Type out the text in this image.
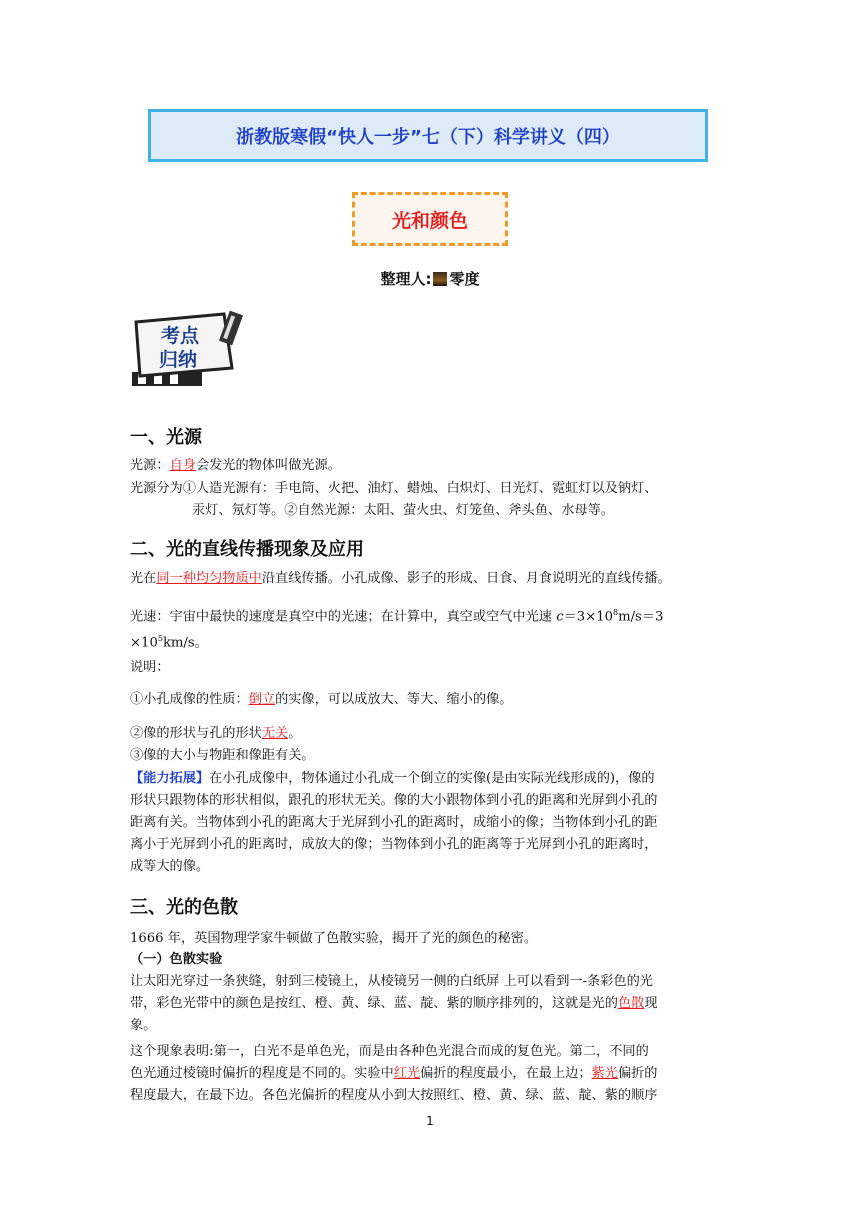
浙教版寒假“快人一步”七（下）科学讲义（四）
光和颜色
整理人: 零度
考点
归纳
一、光源

光源：自身会发光的物体叫做光源。

光源分为①人造光源有：手电筒、火把、油灯、蜡烛、白炽灯、日光灯、霓虹灯以及钠灯、

汞灯、氖灯等。②自然光源：太阳、萤火虫、灯笼鱼、斧头鱼、水母等。

二、光的直线传播现象及应用

光在同一种均匀物质中沿直线传播。小孔成像、影子的形成、日食、月食说明光的直线传播。

光速：宇宙中最快的速度是真空中的光速；在计算中，真空或空气中光速 $c=3\times 10^8m/s=3$
$\times 10^5km/s$。

说明：

①小孔成像的性质：倒立的实像，可以成放大、等大、缩小的像。

②像的形状与孔的形状无关。

③像的大小与物距和像距有关。

【能力拓展】在小孔成像中，物体通过小孔成一个倒立的实像(是由实际光线形成的)，像的
形状只跟物体的形状相似，跟孔的形状无关。像的大小跟物体到小孔的距离和光屏到小孔的
距离有关。当物体到小孔的距离大于光屏到小孔的距离时，成缩小的像；当物体到小孔的距
离小于光屏到小孔的距离时，成放大的像；当物体到小孔的距离等于光屏到小孔的距离时，
成等大的像。

三、光的色散

1666 年，英国物理学家牛顿做了色散实验，揭开了光的颜色的秘密。

（一）色散实验

让太阳光穿过一条狭缝，射到三棱镜上，从棱镜另一侧的白纸屏 上可以看到一-条彩色的光
带，彩色光带中的颜色是按红、橙、黄、绿、蓝、靛、紫的顺序排列的，这就是光的色散现
象。

这个现象表明:第一，白光不是单色光，而是由各种色光混合而成的复色光。第二，不同的
色光通过棱镜时偏折的程度是不同的。实验中红光偏折的程度最小，在最上边；紫光偏折的
程度最大，在最下边。各色光偏折的程度从小到大按照红、橙、黄、绿、蓝、靛、紫的顺序

1
